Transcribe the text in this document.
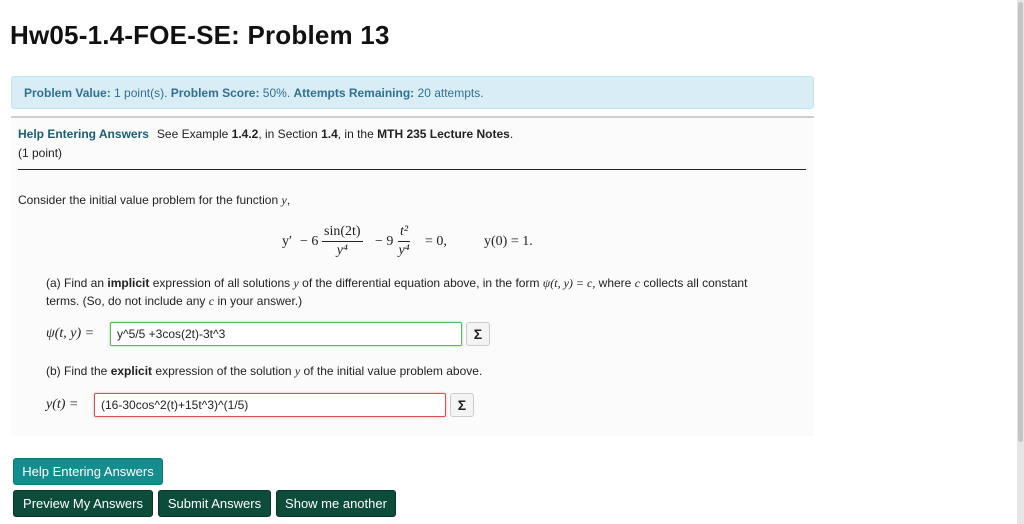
Hw05-1.4-FOE-SE: Problem 13
Problem Value: 1 point(s). Problem Score: 50%. Attempts Remaining: 20 attempts.
Help Entering Answers See Example 1.4.2, in Section 1.4, in the MTH 235 Lecture Notes.
(1 point)
Consider the initial value problem for the function y,
$y' - 6 \frac{\sin(2t)}{\text{y⁴}} - 9 \frac{\text{t²}}{\text{y⁴}} = 0$,	y(0) = 1.
(a) Find an implicit expression of all solutions y of the differential equation above, in the form ψ(t, y) = c, where c collects all constant
terms. (So, do not include any c in your answer.)
ψ(t, y) =	y^5/5 +3cos(2t)-3t^3	Σ
(b) Find the explicit expression of the solution y of the initial value problem above.
y(t) =	(16-30cos^2(t)+15t^3)^(1/5)	Σ
Help Entering Answers
Preview My Answers	Submit Answers	Show me another
